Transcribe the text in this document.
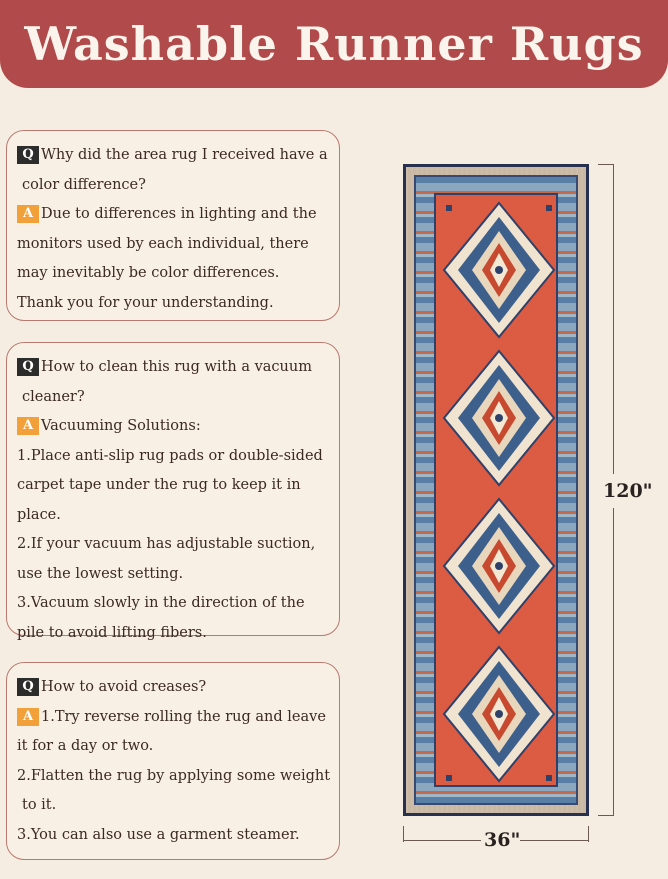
Washable Runner Rugs

Q Why did the area rug I received have a

color difference?

A Due to differences in lighting and the

monitors used by each individual, there

may inevitably be color differences.

Thank you for your understanding.

Q How to clean this rug with a vacuum

cleaner?

A Vacuuming Solutions:

1.Place anti-slip rug pads or double-sided

carpet tape under the rug to keep it in

place.

2.If your vacuum has adjustable suction,

use the lowest setting.

3.Vacuum slowly in the direction of the

pile to avoid lifting fibers.

Q How to avoid creases?

A 1.Try reverse rolling the rug and leave

it for a day or two.

2.Flatten the rug by applying some weight

to it.

3.You can also use a garment steamer.

120"
36"
